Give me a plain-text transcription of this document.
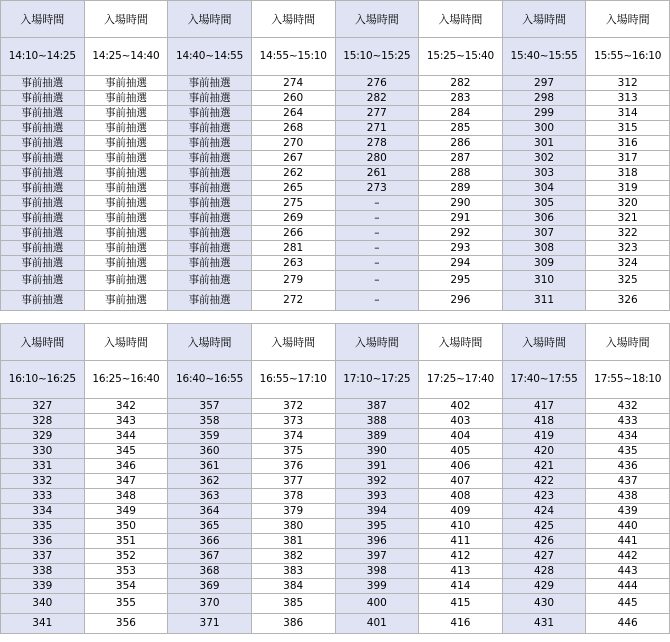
入場時間	入場時間	入場時間	入場時間	入場時間	入場時間	入場時間	入場時間
14:10~14:25	14:25~14:40	14:40~14:55	14:55~15:10	15:10~15:25	15:25~15:40	15:40~15:55	15:55~16:10
事前抽選	事前抽選	事前抽選	274	276	282	297	312
事前抽選	事前抽選	事前抽選	260	282	283	298	313
事前抽選	事前抽選	事前抽選	264	277	284	299	314
事前抽選	事前抽選	事前抽選	268	271	285	300	315
事前抽選	事前抽選	事前抽選	270	278	286	301	316
事前抽選	事前抽選	事前抽選	267	280	287	302	317
事前抽選	事前抽選	事前抽選	262	261	288	303	318
事前抽選	事前抽選	事前抽選	265	273	289	304	319
事前抽選	事前抽選	事前抽選	275	–	290	305	320
事前抽選	事前抽選	事前抽選	269	–	291	306	321
事前抽選	事前抽選	事前抽選	266	–	292	307	322
事前抽選	事前抽選	事前抽選	281	–	293	308	323
事前抽選	事前抽選	事前抽選	263	–	294	309	324
事前抽選	事前抽選	事前抽選	279	–	295	310	325
事前抽選	事前抽選	事前抽選	272	–	296	311	326
入場時間	入場時間	入場時間	入場時間	入場時間	入場時間	入場時間	入場時間
16:10~16:25	16:25~16:40	16:40~16:55	16:55~17:10	17:10~17:25	17:25~17:40	17:40~17:55	17:55~18:10
327	342	357	372	387	402	417	432
328	343	358	373	388	403	418	433
329	344	359	374	389	404	419	434
330	345	360	375	390	405	420	435
331	346	361	376	391	406	421	436
332	347	362	377	392	407	422	437
333	348	363	378	393	408	423	438
334	349	364	379	394	409	424	439
335	350	365	380	395	410	425	440
336	351	366	381	396	411	426	441
337	352	367	382	397	412	427	442
338	353	368	383	398	413	428	443
339	354	369	384	399	414	429	444
340	355	370	385	400	415	430	445
341	356	371	386	401	416	431	446
